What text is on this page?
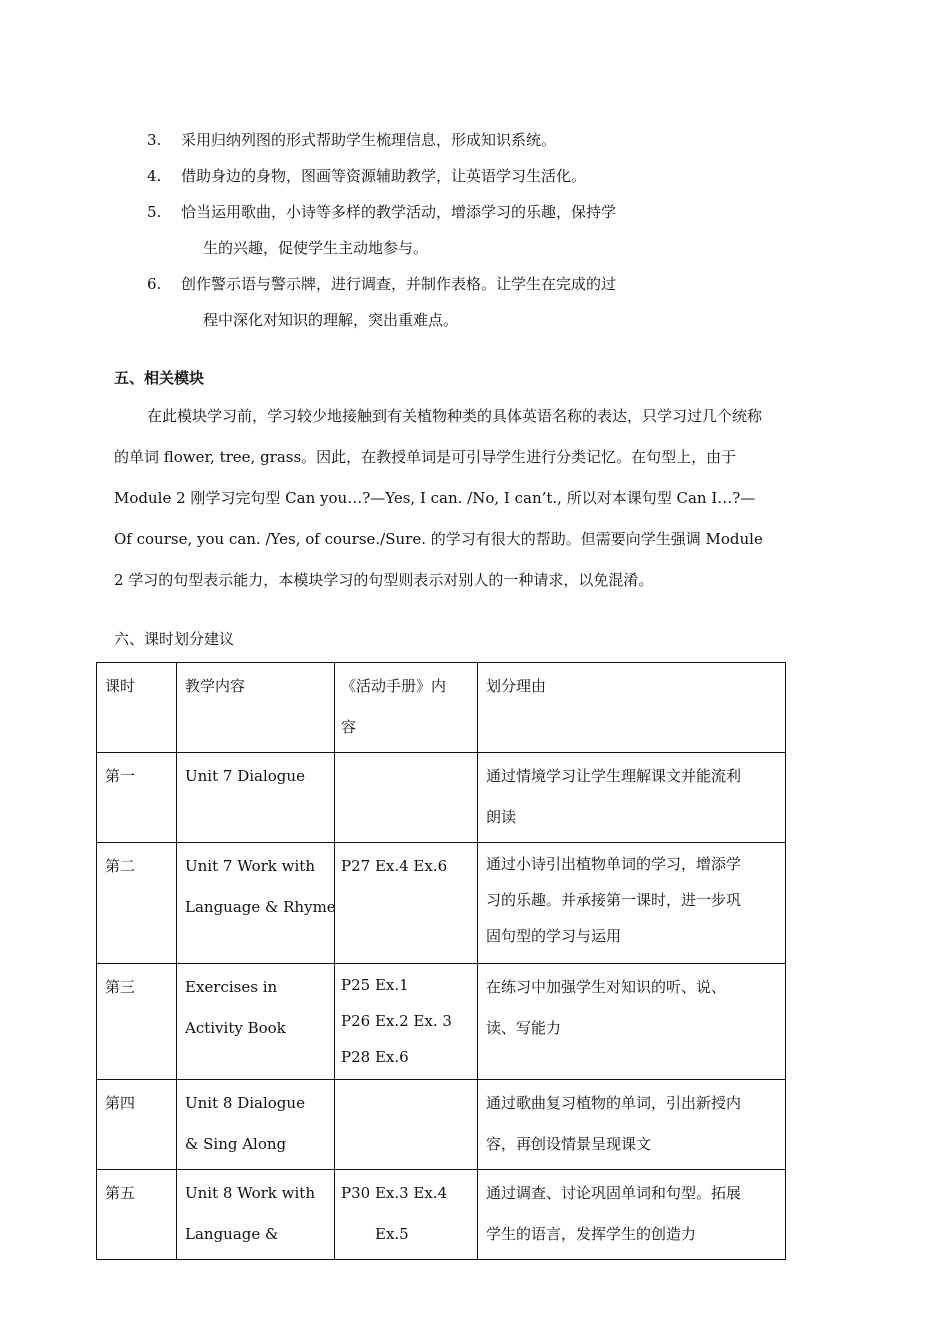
3.	采用归纳列图的形式帮助学生梳理信息，形成知识系统。
4.	借助身边的身物，图画等资源辅助教学，让英语学习生活化。
5.	恰当运用歌曲，小诗等多样的教学活动，增添学习的乐趣，保持学
生的兴趣，促使学生主动地参与。
6.	创作警示语与警示牌，进行调查，并制作表格。让学生在完成的过
程中深化对知识的理解，突出重难点。
五、相关模块
在此模块学习前，学习较少地接触到有关植物种类的具体英语名称的表达，只学习过几个统称
的单词 flower, tree, grass。因此，在教授单词是可引导学生进行分类记忆。在句型上，由于
Module 2 刚学习完句型 Can you…?—Yes, I can. /No, I can’t., 所以对本课句型 Can I…?—
Of course, you can. /Yes, of course./Sure. 的学习有很大的帮助。但需要向学生强调 Module
2 学习的句型表示能力，本模块学习的句型则表示对别人的一种请求，以免混淆。
六、课时划分建议
课时	教学内容	《活动手册》内
容	划分理由

第一	Unit 7 Dialogue		通过情境学习让学生理解课文并能流利
朗读

第二	Unit 7 Work with
Language & Rhyme	P27 Ex.4 Ex.6	通过小诗引出植物单词的学习，增添学
习的乐趣。并承接第一课时，进一步巩
固句型的学习与运用

第三	Exercises in
Activity Book	P25 Ex.1
P26 Ex.2 Ex. 3
P28 Ex.6	在练习中加强学生对知识的听、说、
读、写能力

第四	Unit 8 Dialogue
& Sing Along		通过歌曲复习植物的单词，引出新授内
容，再创设情景呈现课文

第五	Unit 8 Work with
Language &	P30 Ex.3 Ex.4
Ex.5	通过调查、讨论巩固单词和句型。拓展
学生的语言，发挥学生的创造力
